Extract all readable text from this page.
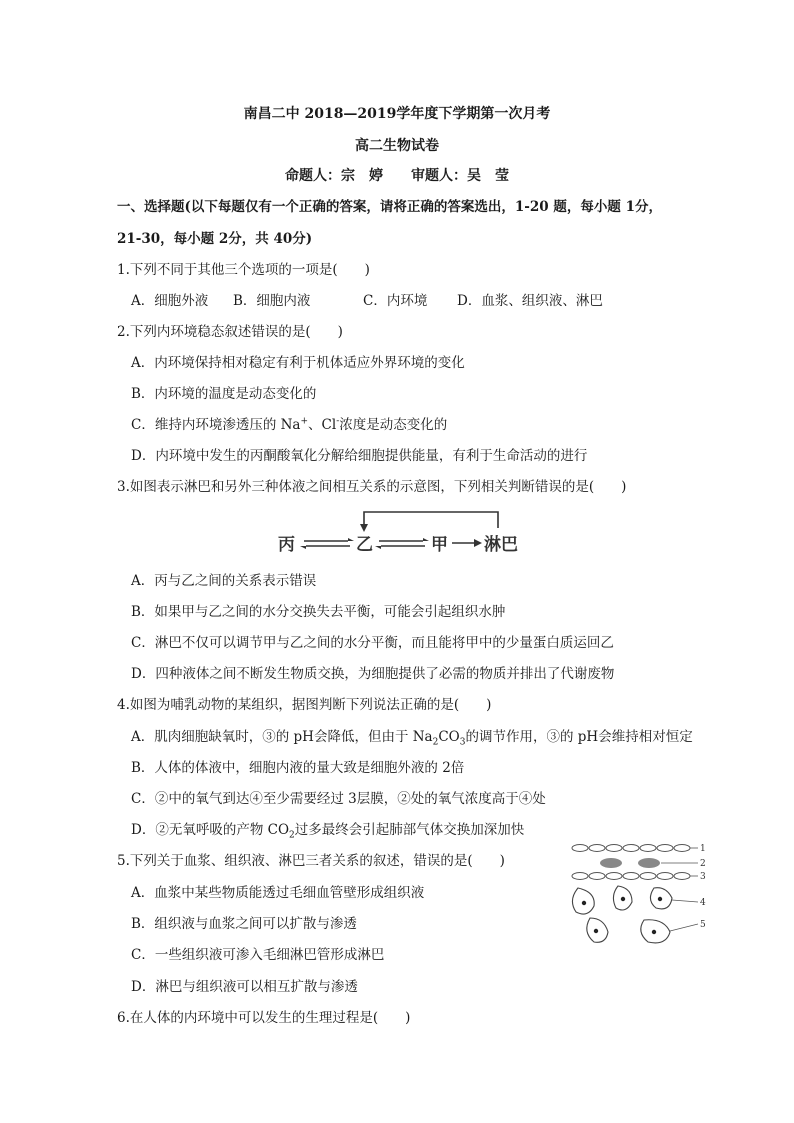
南昌二中 2018—2019学年度下学期第一次月考
高二生物试卷
命题人：宗　婷　　审题人：吴　莹
一、选择题(以下每题仅有一个正确的答案，请将正确的答案选出，1-20 题，每小题 1分，
21-30，每小题 2分，共 40分)
1.下列不同于其他三个选项的一项是(　　)
A．细胞外液 B．细胞内液	C．内环境 D．血浆、组织液、淋巴
2.下列内环境稳态叙述错误的是(　　)
A．内环境保持相对稳定有利于机体适应外界环境的变化
B．内环境的温度是动态变化的
C．维持内环境渗透压的 Na+、Cl-浓度是动态变化的
D．内环境中发生的丙酮酸氧化分解给细胞提供能量，有利于生命活动的进行
3.如图表示淋巴和另外三种体液之间相互关系的示意图，下列相关判断错误的是(　　)
丙	乙	甲 淋巴
A．丙与乙之间的关系表示错误
B．如果甲与乙之间的水分交换失去平衡，可能会引起组织水肿
C．淋巴不仅可以调节甲与乙之间的水分平衡，而且能将甲中的少量蛋白质运回乙
D．四种液体之间不断发生物质交换，为细胞提供了必需的物质并排出了代谢废物
4.如图为哺乳动物的某组织，据图判断下列说法正确的是(　　)
A．肌肉细胞缺氧时，③的 pH会降低，但由于 $Na_2CO_3$的调节作用，③的 pH会维持相对恒定
B．人体的体液中，细胞内液的量大致是细胞外液的 2倍
C．②中的氧气到达④至少需要经过 3层膜，②处的氧气浓度高于④处
D．②无氧呼吸的产物 $CO_2$过多最终会引起肺部气体交换加深加快
1
2
3
4
5
5.下列关于血浆、组织液、淋巴三者关系的叙述，错误的是(　　)
A．血浆中某些物质能透过毛细血管壁形成组织液
B．组织液与血浆之间可以扩散与渗透
C．一些组织液可渗入毛细淋巴管形成淋巴
D．淋巴与组织液可以相互扩散与渗透
6.在人体的内环境中可以发生的生理过程是(　　)
